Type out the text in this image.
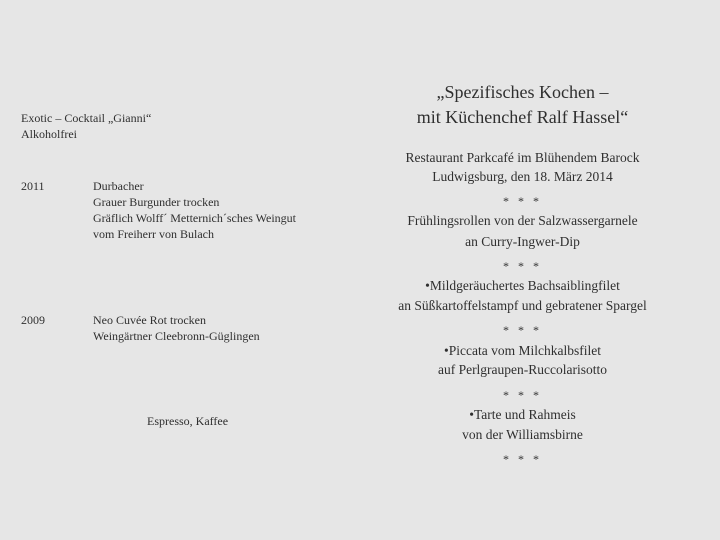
Exotic – Cocktail „Gianni“
Alkoholfrei
2011	Durbacher
Grauer Burgunder trocken
Gräflich Wolff´ Metternich´sches Weingut
vom Freiherr von Bulach
2009	Neo Cuvée Rot trocken
Weingärtner Cleebronn-Güglingen
Espresso, Kaffee
„Spezifisches Kochen –
mit Küchenchef Ralf Hassel“
Restaurant Parkcafé im Blühendem Barock
Ludwigsburg, den 18. März 2014
* * *
Frühlingsrollen von der Salzwassergarnele
an Curry-Ingwer-Dip
* * *
•Mildgeräuchertes Bachsaiblingfilet
an Süßkartoffelstampf und gebratener Spargel
* * *
•Piccata vom Milchkalbsfilet
auf Perlgraupen-Ruccolarisotto
* * *
•Tarte und Rahmeis
von der Williamsbirne
* * *
